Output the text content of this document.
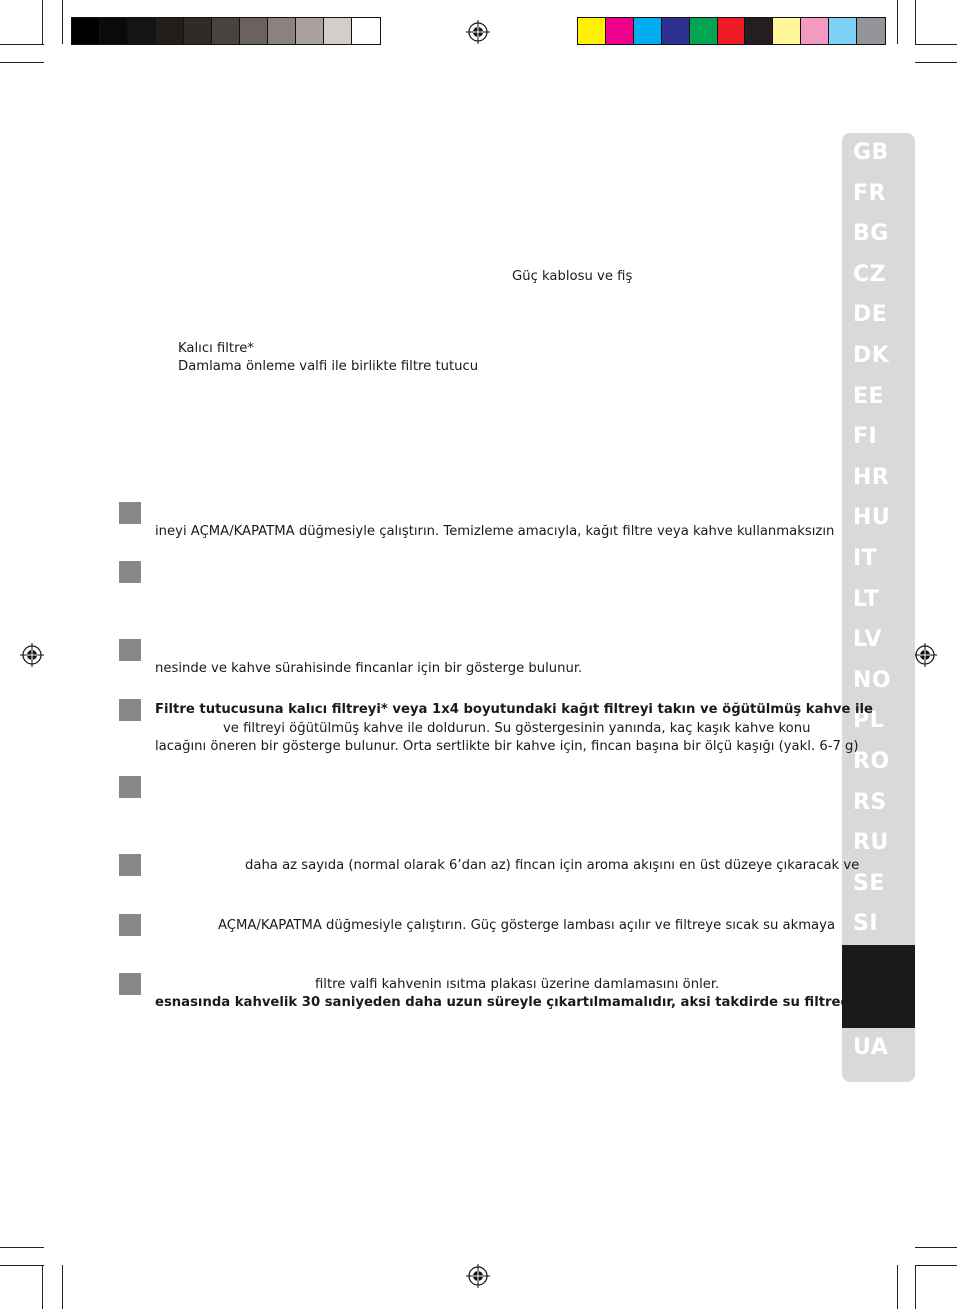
GB
FR
BG
CZ
DE
DK
EE
FI
HR
HU
IT
LT
LV
NO
PL
RO
RS
RU
SE
SI
UA
Güç kablosu ve fiş
Kalıcı filtre*
Damlama önleme valfi ile birlikte filtre tutucu
ineyi AÇMA/KAPATMA düğmesiyle çalıştırın. Temizleme amacıyla, kağıt filtre veya kahve kullanmaksızın
nesinde ve kahve sürahisinde fincanlar için bir gösterge bulunur.
Filtre tutucusuna kalıcı filtreyi* veya 1x4 boyutundaki kağıt filtreyi takın ve öğütülmüş kahve ile
ve filtreyi öğütülmüş kahve ile doldurun. Su göstergesinin yanında, kaç kaşık kahve konu
lacağını öneren bir gösterge bulunur. Orta sertlikte bir kahve için, fincan başına bir ölçü kaşığı (yakl. 6-7 g)
daha az sayıda (normal olarak 6’dan az) fincan için aroma akışını en üst düzeye çıkaracak ve
AÇMA/KAPATMA düğmesiyle çalıştırın. Güç gösterge lambası açılır ve filtreye sıcak su akmaya
filtre valfi kahvenin ısıtma plakası üzerine damlamasını önler.
esnasında kahvelik 30 saniyeden daha uzun süreyle çıkartılmamalıdır, aksi takdirde su filtreden
